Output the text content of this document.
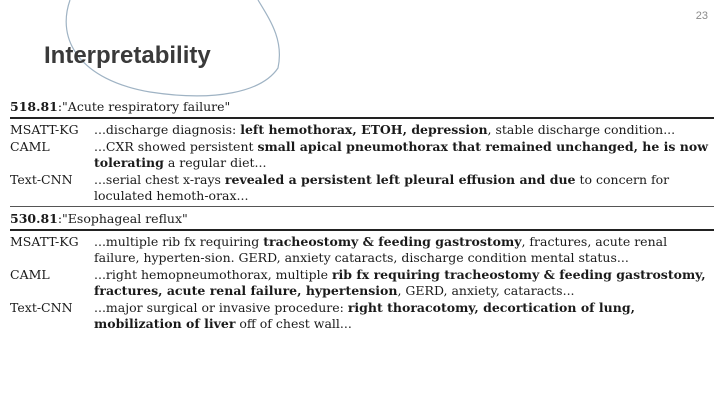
23
Interpretability
518.81:"Acute respiratory failure"
MSATT-KG	...discharge diagnosis: left hemothorax, ETOH, depression, stable discharge condition...
CAML	...CXR showed persistent small apical pneumothorax that remained unchanged, he is now tolerating a regular diet...
Text-CNN	...serial chest x-rays revealed a persistent left pleural effusion and due to concern for loculated hemoth-orax...
530.81:"Esophageal reflux"
MSATT-KG	...multiple rib fx requiring tracheostomy & feeding gastrostomy, fractures, acute renal failure, hyperten-sion. GERD, anxiety cataracts, discharge condition mental status...
CAML	...right hemopneumothorax, multiple rib fx requiring tracheostomy & feeding gastrostomy, fractures, acute renal failure, hypertension, GERD, anxiety, cataracts...
Text-CNN	...major surgical or invasive procedure: right thoracotomy, decortication of lung, mobilization of liver off of chest wall...
